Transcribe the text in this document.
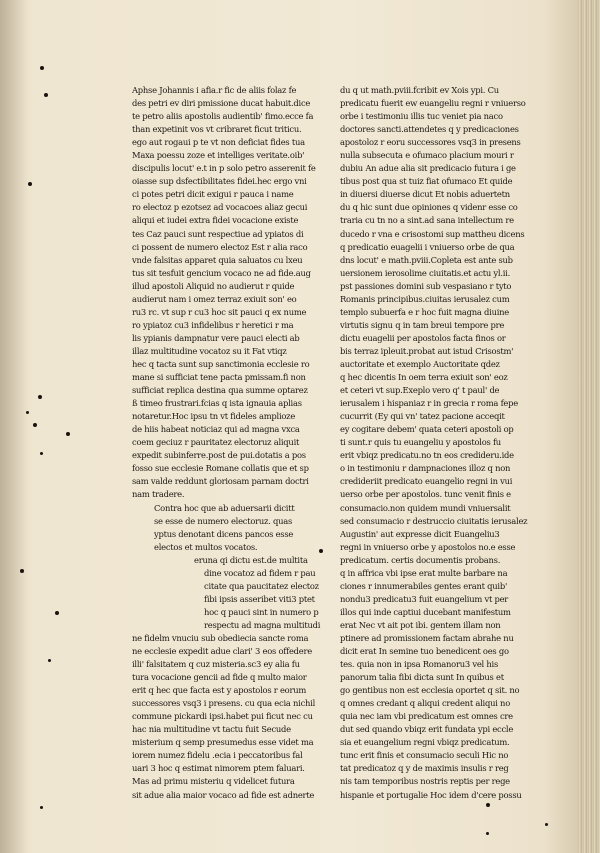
Aphse Johannis i afia.r fic de aliis folaz fe
des petri ev diri pmissione ducat habuit.dice
te petro aliis apostolis audientib' fimo.ecce fa
than expetinit vos vt cribraret ficut triticu.
ego aut rogaui p te vt non deficiat fides tua
Maxa poessu zoze et intelliges veritate.oib'
discipulis locut' e.t in p solo petro asserenit fe
oiasse sup dsfectibilitates fidei.hec ergo vni
ci potes petri dicit exigui r pauca i name
ro electoz p ezotsez ad vocacoes aliaz gecui
aliqui et iudei extra fidei vocacione existe
tes Caz pauci sunt respectiue ad ypiatos di
ci possent de numero electoz Est r alia raco
vnde falsitas apparet quia saluatos cu lxeu
tus sit tesfuit gencium vocaco ne ad fide.aug
illud apostoli Aliquid no audierut r quide
audierut nam i omez terraz exiuit son' eo
ru3 rc. vt sup r cu3 hoc sit pauci q ex nume
ro ypiatoz cu3 infidelibus r heretici r ma
lis ypianis dampnatur vere pauci electi ab
illaz multitudine vocatoz su it Fat vtiqz
hec q tacta sunt sup sanctimonia ecclesie ro
mane si sufficiat tene pacta pmissam.fi non
sufficiat replica destina qua summe optarez
ß timeo frustrari.fcias q ista ignauia aplias
notaretur.Hoc ipsu tn vt fideles amplioze
de hiis habeat noticiaz qui ad magna vxca
coem geciuz r pauritatez electoruz aliquit
expedit subinferre.post de pui.dotatis a pos
fosso sue ecclesie Romane collatis que et sp
sam valde reddunt gloriosam parnam doctri
nam tradere.
Contra hoc que ab aduersarii dicitt
se esse de numero electoruz. quas
yptus denotant dicens pancos esse
electos et multos vocatos.
eruna qi dictu est.de multita
dine vocatoz ad fidem r pau
citate qua paucitatez electoz
fibi ipsis asseribet viti3 ptet
hoc q pauci sint in numero p
respectu ad magna multitudi
ne fidelm vnuciu sub obediecia sancte roma
ne ecclesie expedit adue clari' 3 eos offedere
illi' falsitatem q cuz misteria.sc3 ey alia fu
tura vocacione gencii ad fide q multo maior
erit q hec que facta est y apostolos r eorum
successores vsq3 i presens. cu qua ecia nichil
commune pickardi ipsi.habet pui ficut nec cu
hac nia multitudine vt tactu fuit Secude
misterium q semp presumedus esse videt ma
iorem numez fidelu .ecia i peccatoribus fal
uari 3 hoc q estimat nimorem ptem faluari.
Mas ad primu misteriu q videlicet futura
sit adue alia maior vocaco ad fide est adnerte
du q ut math.pviii.fcribit ev Xois ypi. Cu
predicatu fuerit ew euangeliu regni r vniuerso
orbe i testimoniu illis tuc veniet pia naco
doctores sancti.attendetes q y predicaciones
apostoloz r eoru successores vsq3 in presens
nulla subsecuta e ofumaco placium mouri r
dubiu An adue alia sit predicacio futura i ge
tibus post qua st tuiz fiat ofumaco Et quide
in diuersi diuerse dicut Et nobis aduertetn
du q hic sunt due opiniones q videnr esse co
traria cu tn no a sint.ad sana intellectum re
ducedo r vna e crisostomi sup mattheu dicens
q predicatio euagelii i vniuerso orbe de qua
dns locut' e math.pviii.Copleta est ante sub
uersionem ierosolime ciuitatis.et actu yl.ii.
pst passiones domini sub vespasiano r tyto
Romanis principibus.ciuitas ierusalez cum
templo subuerfa e r hoc fuit magna diuine
virtutis signu q in tam breui tempore pre
dictu euagelii per apostolos facta finos or
bis terraz ipleuit.probat aut istud Crisostm'
auctoritate et exemplo Auctoritate qdez
q hec dicentis In oem terra exiuit son' eoz
et ceteri vt sup.Exeplo vero q' t paul' de
ierusalem i hispaniaz r in grecia r roma fepe
cucurrit (Ey qui vn' tatez pacione acceqit
ey cogitare debem' quata ceteri apostoli op
ti sunt.r quis tu euangeliu y apostolos fu
erit vbiqz predicatu.no tn eos credideru.ide
o in testimoniu r dampnaciones illoz q non
credideriit predicato euangelio regni in vui
uerso orbe per apostolos. tunc venit finis e
consumacio.non quidem mundi vniuersalit
sed consumacio r destruccio ciuitatis ierusalez
Augustin' aut expresse dicit Euangeliu3
regni in vniuerso orbe y apostolos no.e esse
predicatum. certis documentis probans.
q in affrica vbi ipse erat multe barbare na
ciones r innumerabiles gentes erant quib'
nondu3 predicatu3 fuit euangelium vt per
illos qui inde captiui ducebant manifestum
erat Nec vt ait pot ibi. gentem illam non
ptinere ad promissionem factam abrahe nu
dicit erat In semine tuo benedicent oes go
tes. quia non in ipsa Romanoru3 vel his
panorum talia fibi dicta sunt In quibus et
go gentibus non est ecclesia oportet q sit. no
q omnes credant q aliqui credent aliqui no
quia nec iam vbi predicatum est omnes cre
dut sed quando vbiqz erit fundata ypi eccle
sia et euangelium regni vbiqz predicatum.
tunc erit finis et consumacio seculi Hic no
tat predicatoz q y de maximis insulis r reg
nis tam temporibus nostris reptis per rege
hispanie et portugalie Hoc idem d'cere possu
